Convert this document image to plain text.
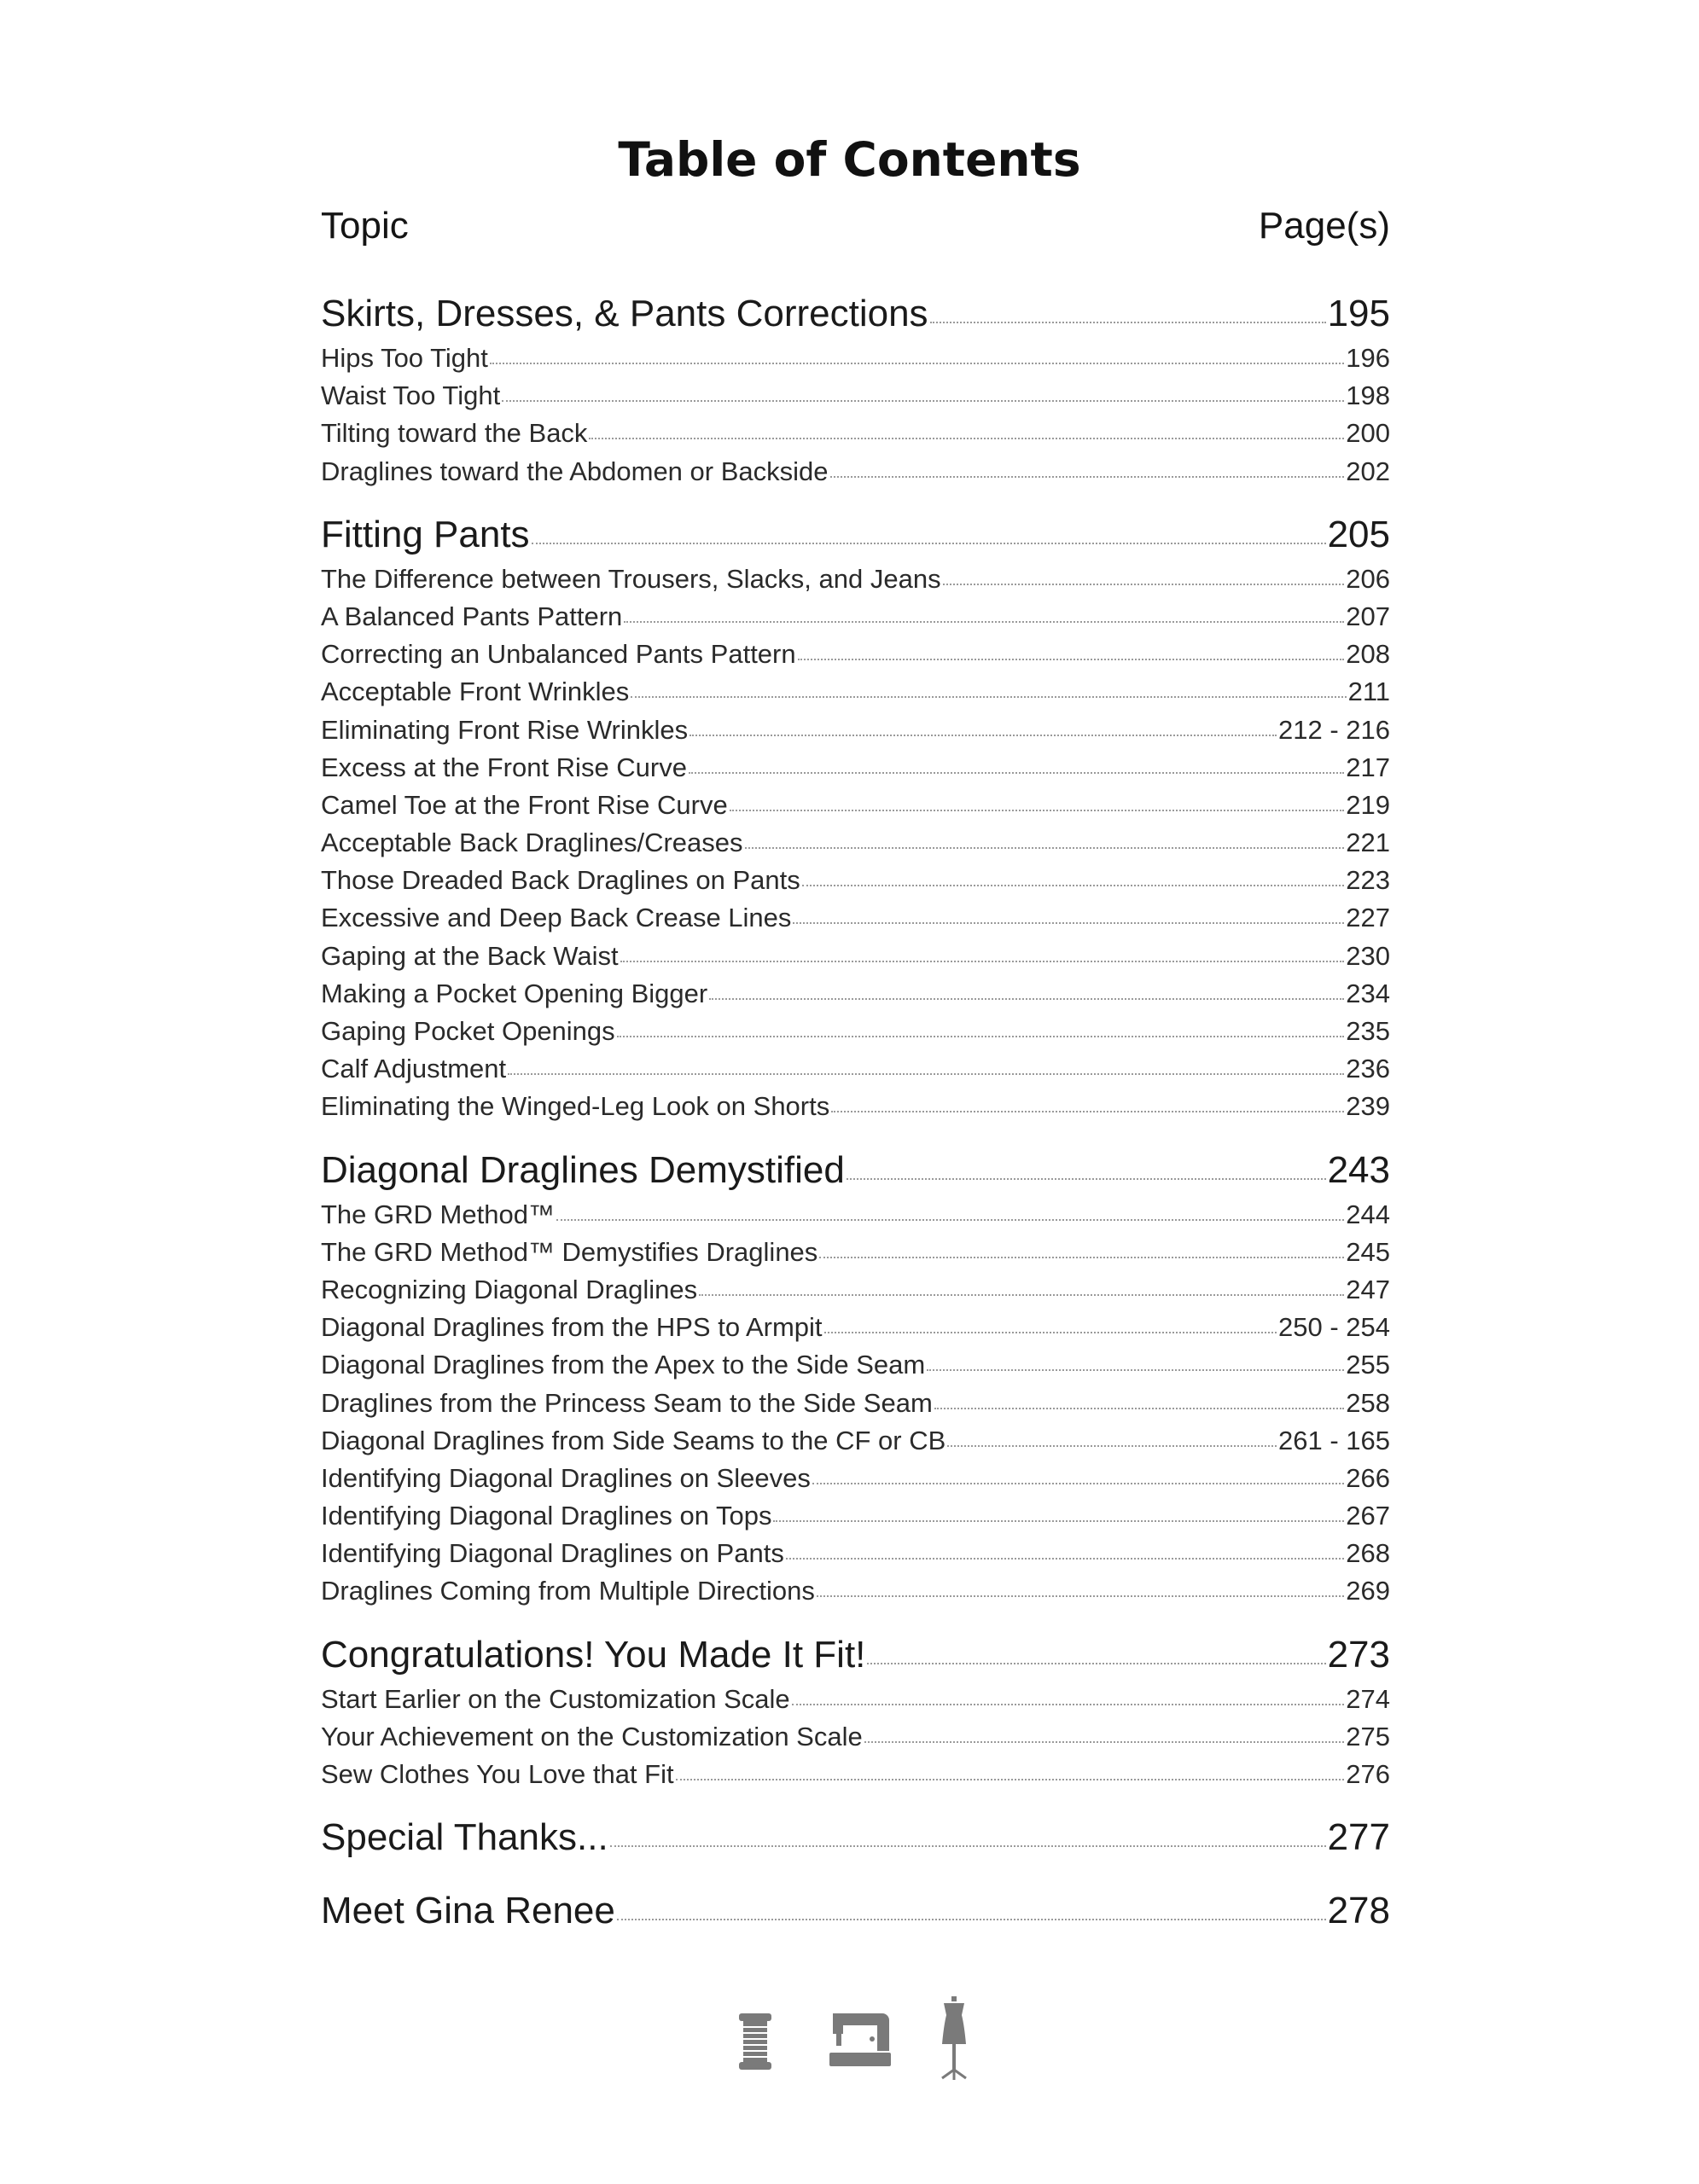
Table of Contents
Topic	Page(s)
Skirts, Dresses, & Pants Corrections	195
Hips Too Tight	196
Waist Too Tight	198
Tilting toward the Back	200
Draglines toward the Abdomen or Backside	202
Fitting Pants	205
The Difference between Trousers, Slacks, and Jeans	206
A Balanced Pants Pattern	207
Correcting an Unbalanced Pants Pattern	208
Acceptable Front Wrinkles	211
Eliminating Front Rise Wrinkles	212 - 216
Excess at the Front Rise Curve	217
Camel Toe at the Front Rise Curve	219
Acceptable Back Draglines/Creases	221
Those Dreaded Back Draglines on Pants	223
Excessive and Deep Back Crease Lines	227
Gaping at the Back Waist	230
Making a Pocket Opening Bigger	234
Gaping Pocket Openings	235
Calf Adjustment	236
Eliminating the Winged-Leg Look on Shorts	239
Diagonal Draglines Demystified	243
The GRD Method™	244
The GRD Method™ Demystifies Draglines	245
Recognizing Diagonal Draglines	247
Diagonal Draglines from the HPS to Armpit	250 - 254
Diagonal Draglines from the Apex to the Side Seam	255
Draglines from the Princess Seam to the Side Seam	258
Diagonal Draglines from Side Seams to the CF or CB	261 - 165
Identifying Diagonal Draglines on Sleeves	266
Identifying Diagonal Draglines on Tops	267
Identifying Diagonal Draglines on Pants	268
Draglines Coming from Multiple Directions	269
Congratulations! You Made It Fit!	273
Start Earlier on the Customization Scale	274
Your Achievement on the Customization Scale	275
Sew Clothes You Love that Fit	276
Special Thanks...	277
Meet Gina Renee	278
